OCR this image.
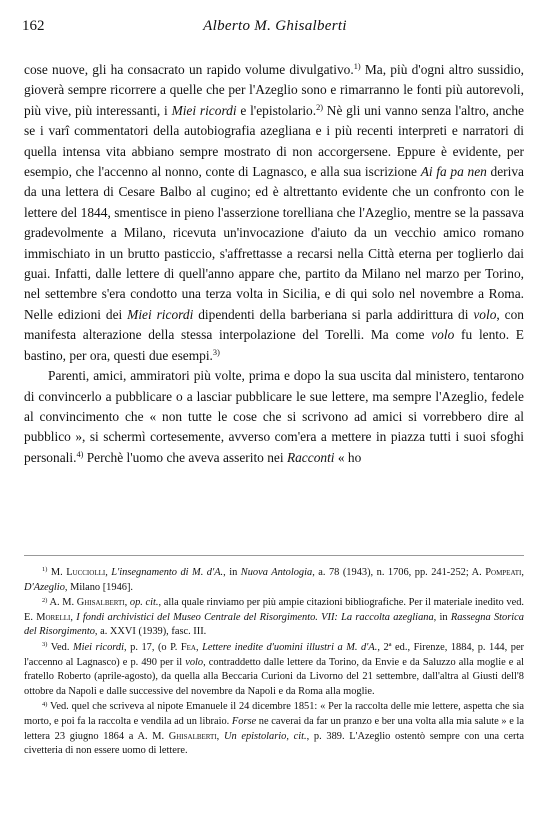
162	Alberto M. Ghisalberti

cose nuove, gli ha consacrato un rapido volume divulgativo.$^{1)}$ Ma, più d'ogni altro sussidio, gioverà sempre ricorrere a quelle che per l'Azeglio sono e rimarranno le fonti più autorevoli, più vive, più interessanti, i Miei ricordi e l'epistolario.$^{2)}$ Nè gli uni vanno senza l'altro, anche se i varî commentatori della autobiografia azegliana e i più recenti interpreti e narratori di quella intensa vita abbiano sempre mostrato di non accorgersene. Eppure è evidente, per esempio, che l'accenno al nonno, conte di Lagnasco, e alla sua iscrizione Ai fa pa nen deriva da una lettera di Cesare Balbo al cugino; ed è altrettanto evidente che un confronto con le lettere del 1844, smentisce in pieno l'asserzione torelliana che l'Azeglio, mentre se la passava gradevolmente a Milano, ricevuta un'invocazione d'aiuto da un vecchio amico romano immischiato in un brutto pasticcio, s'affrettasse a recarsi nella Città eterna per toglierlo dai guai. Infatti, dalle lettere di quell'anno appare che, partito da Milano nel marzo per Torino, nel settembre s'era condotto una terza volta in Sicilia, e di qui solo nel novembre a Roma. Nelle edizioni dei Miei ricordi dipendenti della barberiana si parla addirittura di volo, con manifesta alterazione della stessa interpolazione del Torelli. Ma come volo fu lento. E bastino, per ora, questi due esempi.$^{3)}$

Parenti, amici, ammiratori più volte, prima e dopo la sua uscita dal ministero, tentarono di convincerlo a pubblicare o a lasciar pubblicare le sue lettere, ma sempre l'Azeglio, fedele al convincimento che « non tutte le cose che si scrivono ad amici si vorrebbero dire al pubblico », si schermì cortesemente, avverso com'era a mettere in piazza tutti i suoi sfoghi personali.$^{4)}$ Perchè l'uomo che aveva asserito nei Racconti « ho

$^{1)}$ M. Lucciolli, L'insegnamento di M. d'A., in Nuova Antologia, a. 78 (1943), n. 1706, pp. 241-252; A. Pompeati, D'Azeglio, Milano [1946].

$^{2)}$ A. M. Ghisalberti, op. cit., alla quale rinviamo per più ampie citazioni bibliografiche. Per il materiale inedito ved. E. Morelli, I fondi archivistici del Museo Centrale del Risorgimento. VII: La raccolta azegliana, in Rassegna Storica del Risorgimento, a. XXVI (1939), fasc. III.

$^{3)}$ Ved. Miei ricordi, p. 17, (o P. Fea, Lettere inedite d'uomini illustri a M. d'A., 2ª ed., Firenze, 1884, p. 144, per l'accenno al Lagnasco) e p. 490 per il volo, contraddetto dalle lettere da Torino, da Envie e da Saluzzo alla moglie e al fratello Roberto (aprile-agosto), da quella alla Beccaria Curioni da Livorno del 21 settembre, dall'altra al Giusti dell'8 ottobre da Napoli e dalle successive del novembre da Napoli e da Roma alla moglie.

$^{4)}$ Ved. quel che scriveva al nipote Emanuele il 24 dicembre 1851: « Per la raccolta delle mie lettere, aspetta che sia morto, e poi fa la raccolta e vendila ad un libraio. Forse ne caverai da far un pranzo e ber una volta alla mia salute » e la lettera 23 giugno 1864 a A. M. Ghisalberti, Un epistolario, cit., p. 389. L'Azeglio ostentò sempre con una certa civetteria di non essere uomo di lettere.
